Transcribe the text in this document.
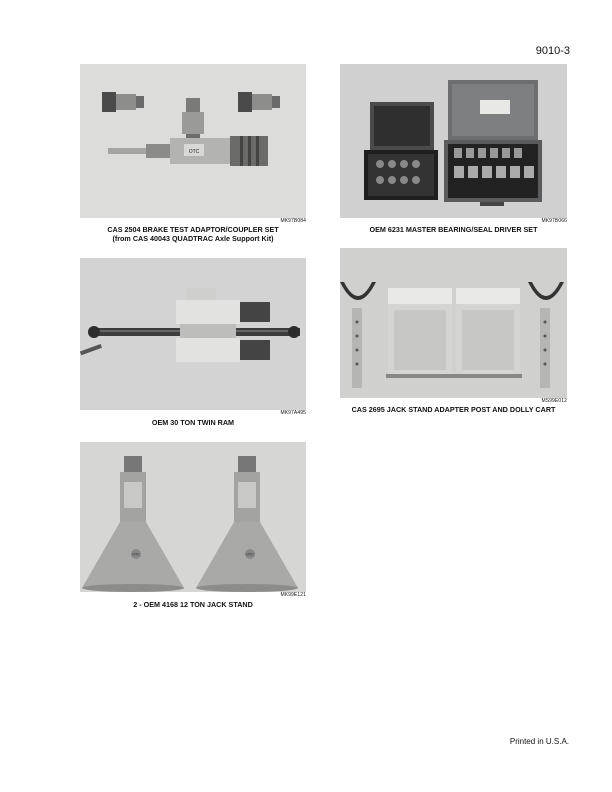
9010-3
OTC
MK97B084
CAS 2504 BRAKE TEST ADAPTOR/COUPLER SET
(from CAS 40043 QUADTRAC Axle Support Kit)
MK97B066
OEM 6231 MASTER BEARING/SEAL DRIVER SET
MK97A495
OEM 30 TON TWIN RAM
MS99E012
CAS 2695 JACK STAND ADAPTER POST AND DOLLY CART
OTC	OTC
MK99E121
2 - OEM 4168 12 TON JACK STAND
Printed in U.S.A.
